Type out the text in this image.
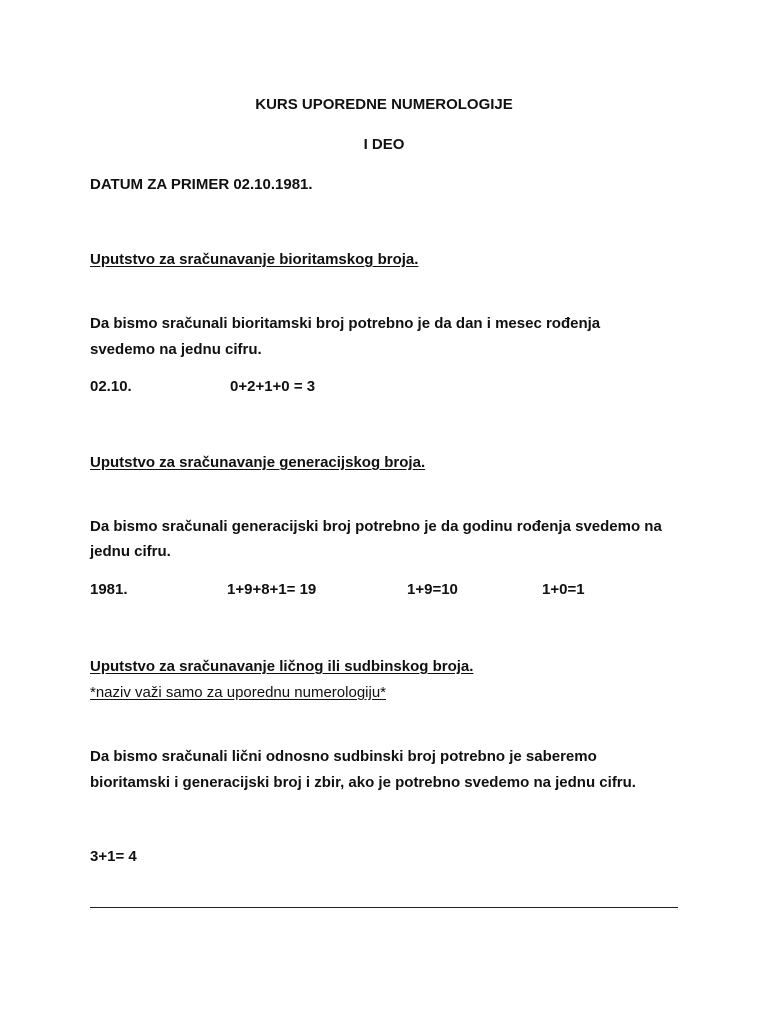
KURS UPOREDNE NUMEROLOGIJE
I DEO
DATUM ZA PRIMER 02.10.1981.
Uputstvo za sračunavanje bioritamskog broja.
Da bismo sračunali bioritamski broj potrebno je da dan i mesec rođenja
svedemo na jednu cifru.
02.10.	0+2+1+0 = 3
Uputstvo za sračunavanje generacijskog broja.
Da bismo sračunali generacijski broj potrebno je da godinu rođenja svedemo na
jednu cifru.
1981.	1+9+8+1= 19	1+9=10	1+0=1
Uputstvo za sračunavanje ličnog ili sudbinskog broja.
*naziv važi samo za uporednu numerologiju*
Da bismo sračunali lični odnosno sudbinski broj potrebno je saberemo
bioritamski i generacijski broj i zbir, ako je potrebno svedemo na jednu cifru.
3+1= 4
